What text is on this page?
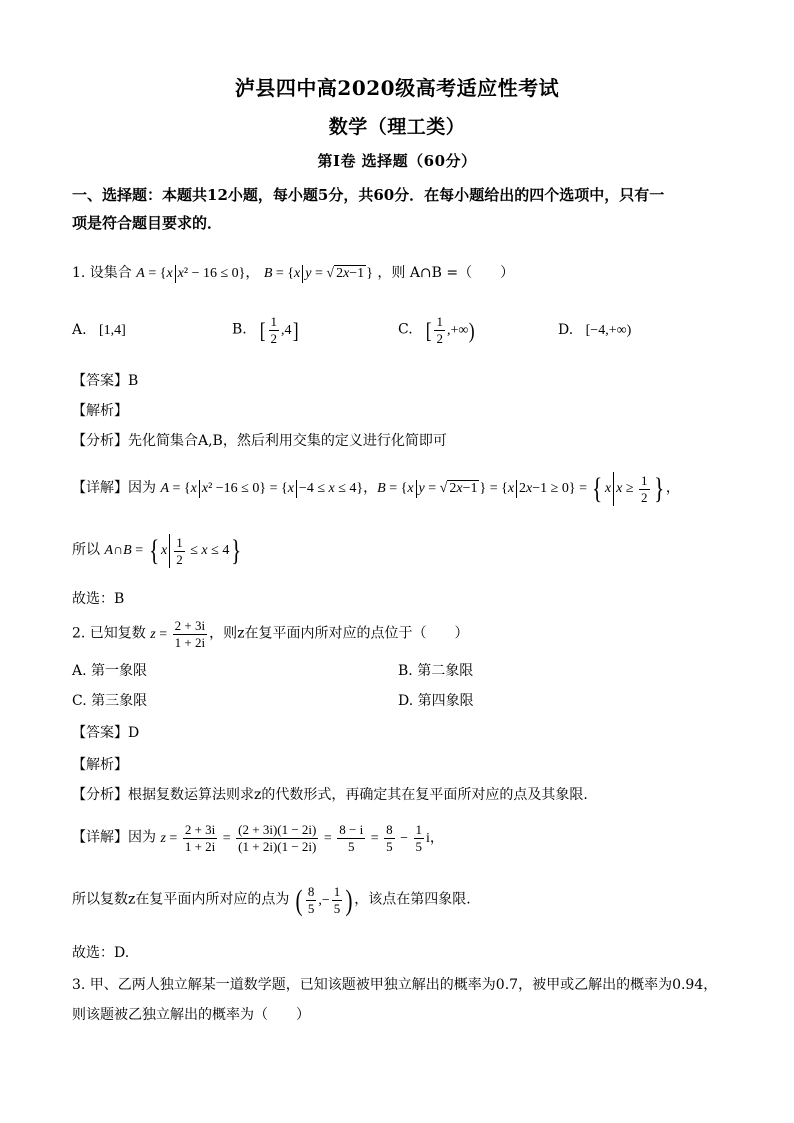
泸县四中高2020级高考适应性考试
数学（理工类）
第I卷 选择题（60分）
一、选择题：本题共12小题，每小题5分，共60分．在每小题给出的四个选项中，只有一
项是符合题目要求的．
1. 设集合 A = {x x² − 16 ≤ 0}， B = {x y = √ 2x−1 } ，则 A∩B =（　　）
A. [1,4]	B. [ $\frac{1}{2} ,4$]	C. [ $\frac{1}{2}$ ,+∞)	D. [−4,+∞)
【答案】B
【解析】
【分析】先化简集合A,B，然后利用交集的定义进行化简即可
【详解】因为 A = {x x² −16 ≤ 0} = {x −4 ≤ x ≤ 4}，B = {x y = √ 2x−1 } = {x 2x−1 ≥ 0} = { x $x \ge \frac{1}{2}$ } ，
所以 A∩B = { x $\frac{1}{2} \le x \le 4$}
故选：B
2. 已知复数 $z = \frac{2 + 3i}{1 + 2i}$ ，则z在复平面内所对应的点位于（　　）
A. 第一象限	B. 第二象限
C. 第三象限	D. 第四象限
【答案】D
【解析】
【分析】根据复数运算法则求z的代数形式，再确定其在复平面所对应的点及其象限.
【详解】因为 $z = \frac{2 + 3i}{1 + 2i} = \frac{(2 + 3i)(1 - 2i)}{(1 + 2i)(1 - 2i)} = \frac{8 - i}{5} = \frac{8}{5} - \frac{1}{5}$ i，
所以复数z在复平面内所对应的点为 ( $\frac{8}{5}$ ,− $\frac{1}{5}$ ) ，该点在第四象限.
故选：D.
3. 甲、乙两人独立解某一道数学题，已知该题被甲独立解出的概率为0.7，被甲或乙解出的概率为0.94，
则该题被乙独立解出的概率为（　　）
